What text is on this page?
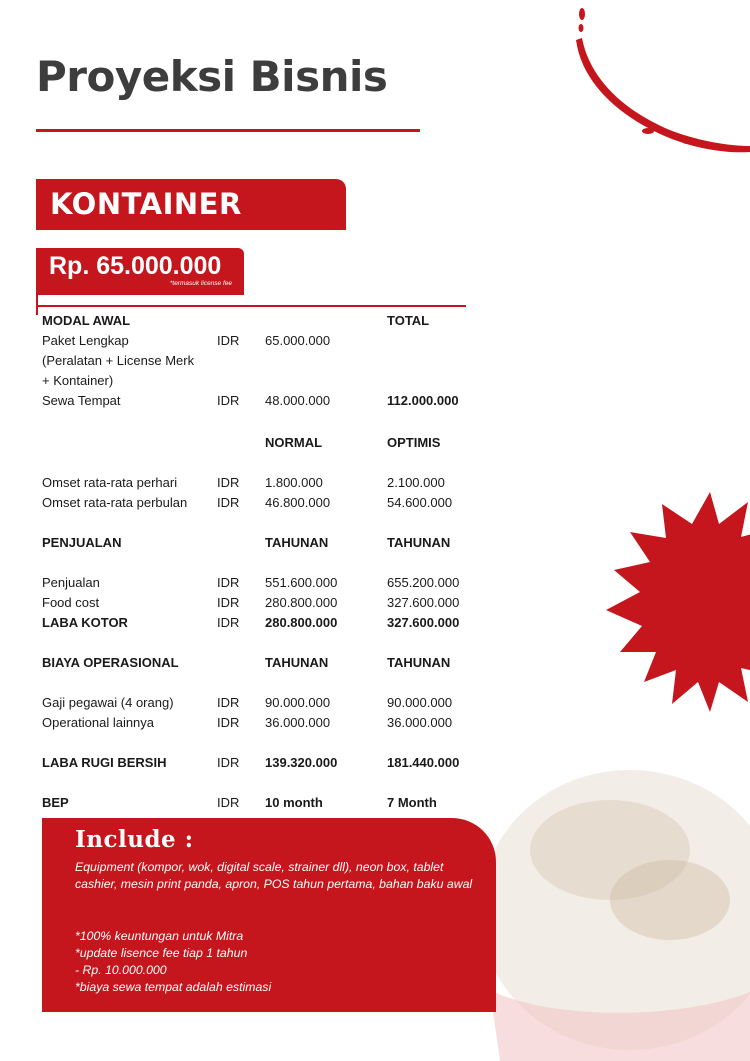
Proyeksi Bisnis
KONTAINER
Rp. 65.000.000
*termasuk license fee
MODAL AWAL			TOTAL
Paket Lengkap	IDR	65.000.000	
(Peralatan + License Merk			
+ Kontainer)			
Sewa Tempat	IDR	48.000.000	112.000.000

		NORMAL	OPTIMIS

Omset rata-rata perhari	IDR	1.800.000	2.100.000
Omset rata-rata perbulan	IDR	46.800.000	54.600.000

PENJUALAN		TAHUNAN	TAHUNAN

Penjualan	IDR	551.600.000	655.200.000
Food cost	IDR	280.800.000	327.600.000
LABA KOTOR	IDR	280.800.000	327.600.000

BIAYA OPERASIONAL		TAHUNAN	TAHUNAN

Gaji pegawai (4 orang)	IDR	90.000.000	90.000.000
Operational lainnya	IDR	36.000.000	36.000.000

LABA RUGI BERSIH	IDR	139.320.000	181.440.000

BEP	IDR	10 month	7 Month
Include :

Equipment (kompor, wok, digital scale, strainer dll), neon box, tablet cashier, mesin print panda, apron, POS tahun pertama, bahan baku awal

*100% keuntungan untuk Mitra
*update lisence fee tiap 1 tahun
- Rp. 10.000.000
*biaya sewa tempat adalah estimasi
